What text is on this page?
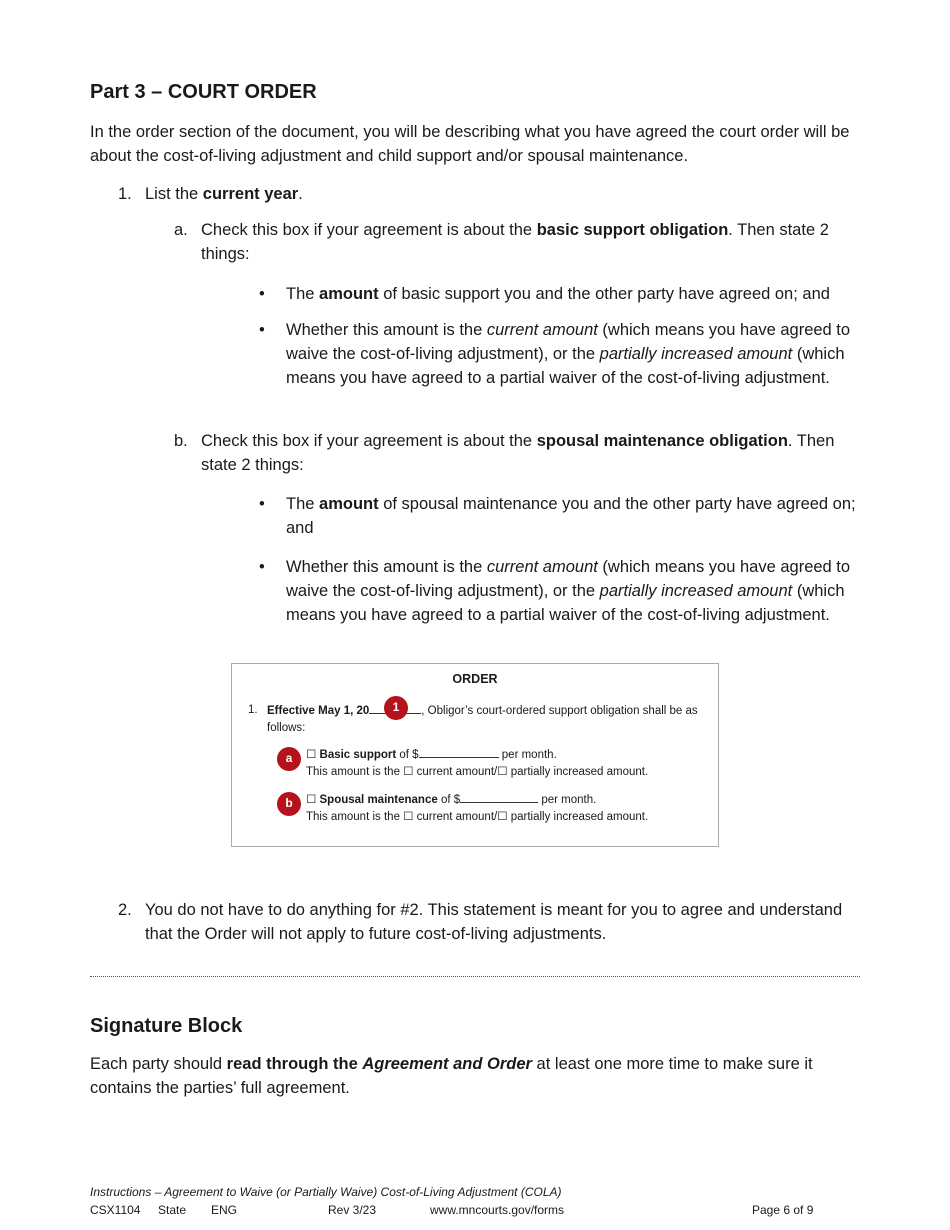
Part 3 – COURT ORDER

In the order section of the document, you will be describing what you have agreed the court order will be about the cost-of-living adjustment and child support and/or spousal maintenance.

1. List the current year.
a. Check this box if your agreement is about the basic support obligation. Then state 2 things:

• The amount of basic support you and the other party have agreed on; and

• Whether this amount is the current amount (which means you have agreed to waive the cost-of-living adjustment), or the partially increased amount (which means you have agreed to a partial waiver of the cost-of-living adjustment.

b. Check this box if your agreement is about the spousal maintenance obligation. Then state 2 things:

• The amount of spousal maintenance you and the other party have agreed on; and

• Whether this amount is the current amount (which means you have agreed to waive the cost-of-living adjustment), or the partially increased amount (which means you have agreed to a partial waiver of the cost-of-living adjustment.

ORDER
1. Effective May 1, 20	, Obligor’s court-ordered support obligation shall be as follows:
1
a	☐ Basic support of $	per month.
This amount is the ☐ current amount/☐ partially increased amount.
b	☐ Spousal maintenance of $	per month.
This amount is the ☐ current amount/☐ partially increased amount.
2. You do not have to do anything for #2. This statement is meant for you to agree and understand that the Order will not apply to future cost-of-living adjustments.

Signature Block

Each party should read through the Agreement and Order at least one more time to make sure it contains the parties’ full agreement.

Instructions – Agreement to Waive (or Partially Waive) Cost-of-Living Adjustment (COLA)
CSX1104 State ENG	Rev 3/23	www.mncourts.gov/forms	Page 6 of 9
